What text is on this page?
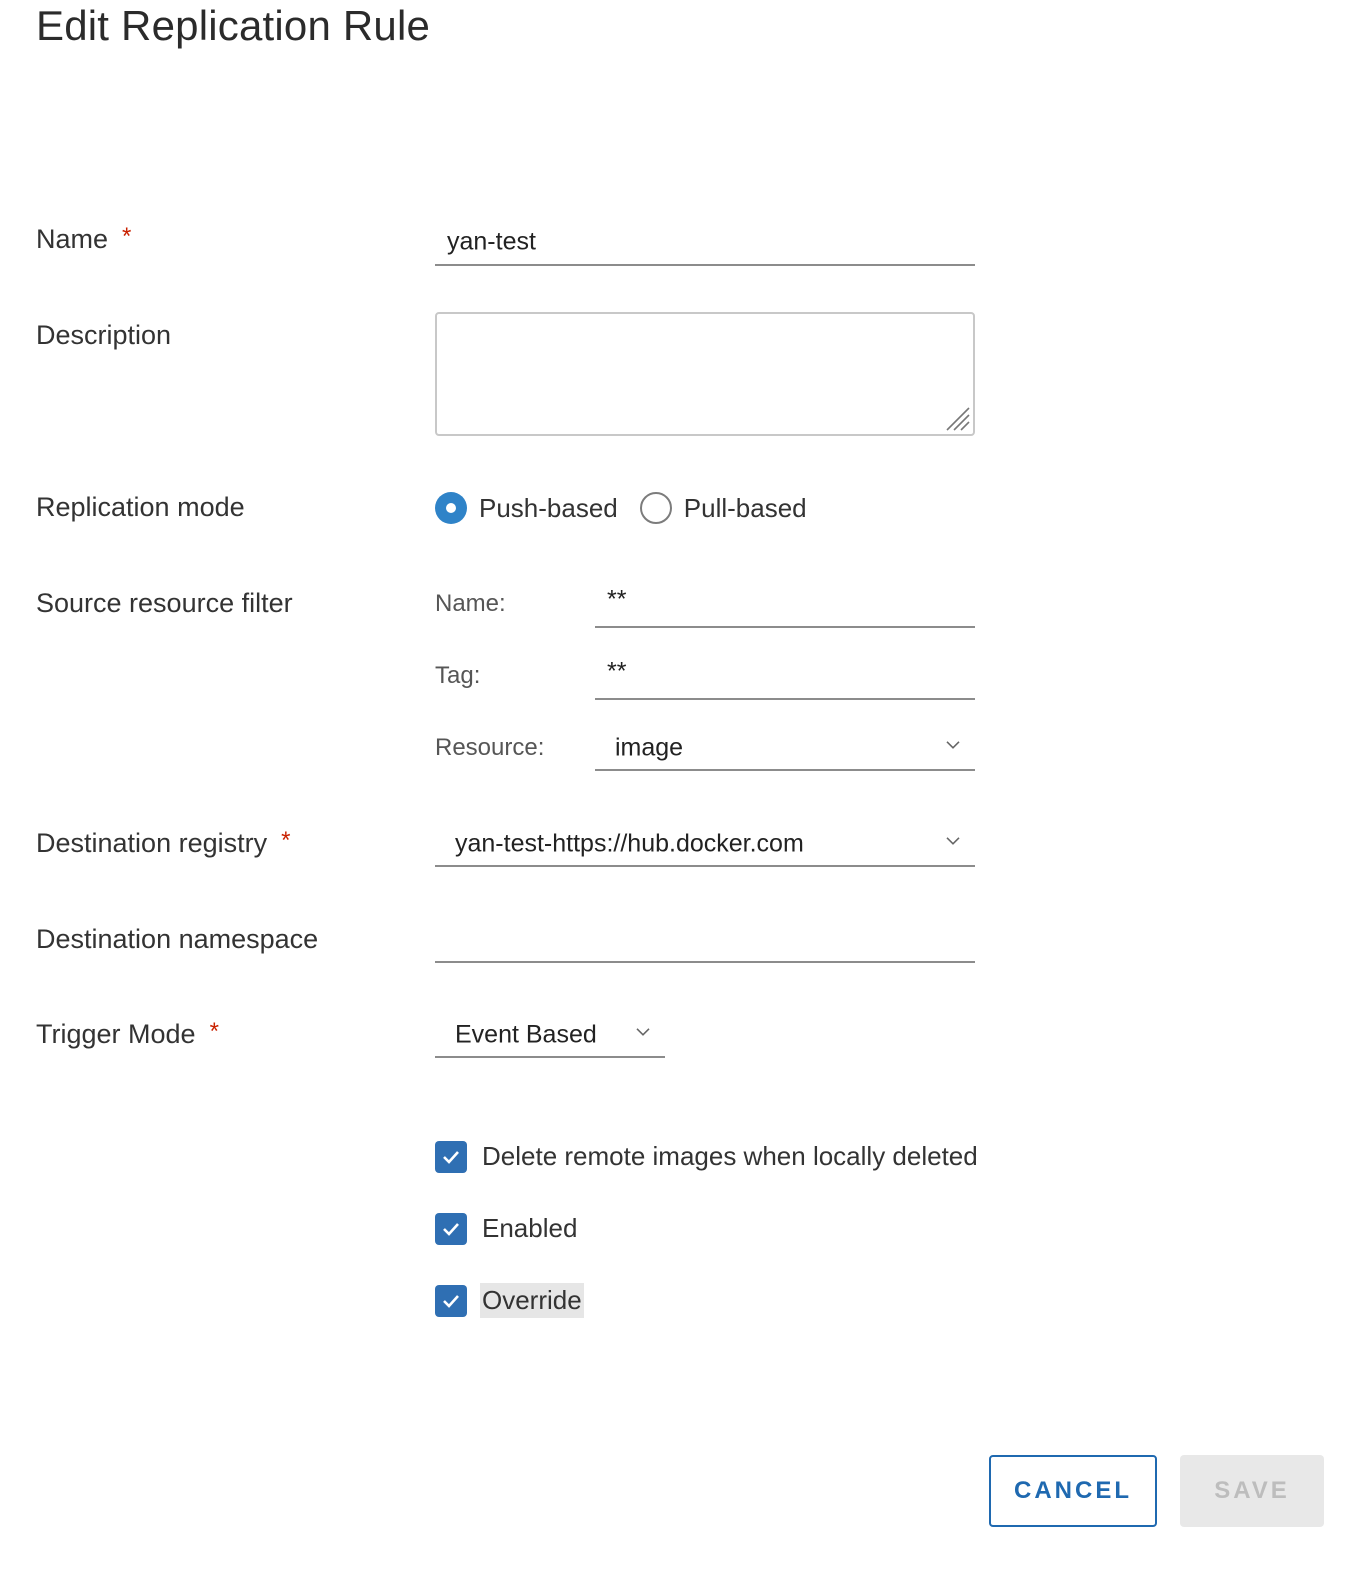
Edit Replication Rule
Name *	yan-test
Description
Replication mode	Push-based	Pull-based
Source resource filter	Name:	**
Tag:	**
Resource:	image
Destination registry *	yan-test-https://hub.docker.com
Destination namespace
Trigger Mode *	Event Based
Delete remote images when locally deleted
Enabled
Override
CANCEL	SAVE
